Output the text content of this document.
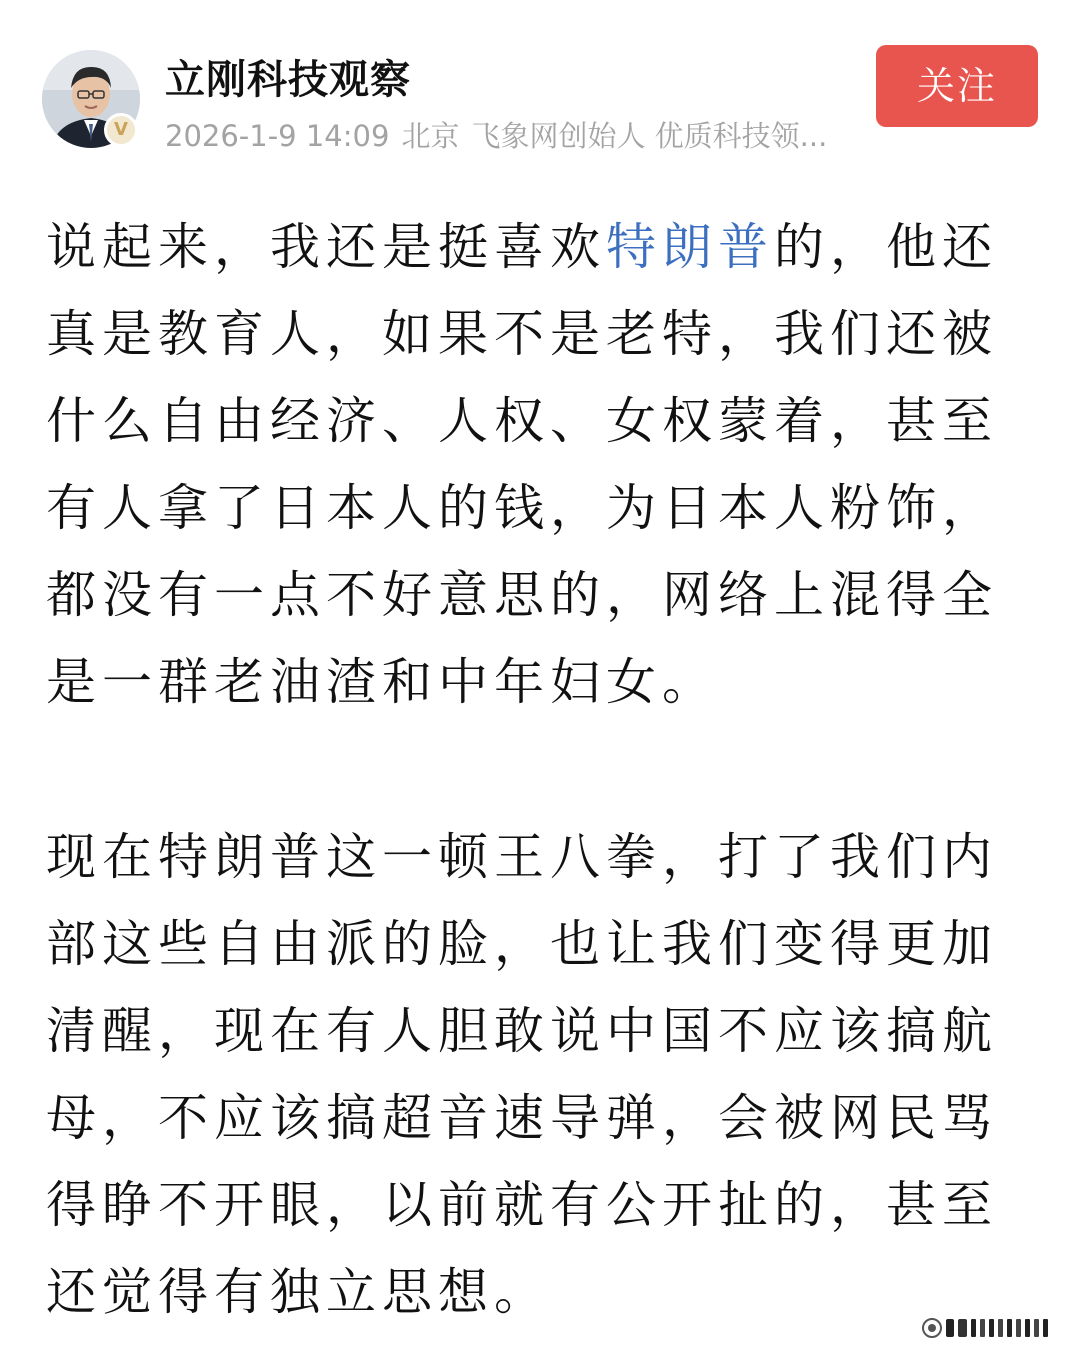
V
立刚科技观察
2026-1-9 14:09 北京 飞象网创始人 优质科技领...
关注

说起来，我还是挺喜欢特朗普的，他还真是教育人，如果不是老特，我们还被什么自由经济、人权、女权蒙着，甚至有人拿了日本人的钱，为日本人粉饰，都没有一点不好意思的，网络上混得全是一群老油渣和中年妇女。

现在特朗普这一顿王八拳，打了我们内部这些自由派的脸，也让我们变得更加清醒，现在有人胆敢说中国不应该搞航母，不应该搞超音速导弹，会被网民骂得睁不开眼，以前就有公开扯的，甚至还觉得有独立思想。
